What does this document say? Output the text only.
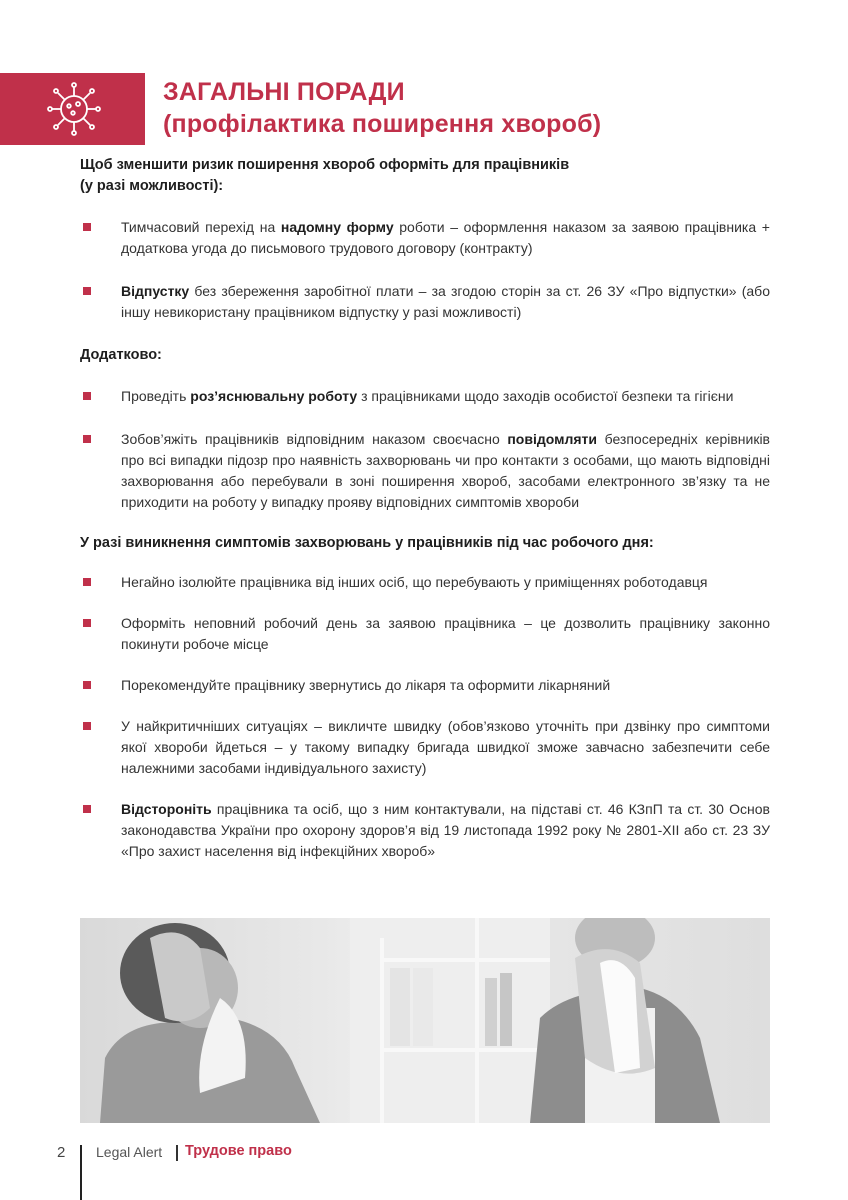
ЗАГАЛЬНІ ПОРАДИ
(профілактика поширення хвороб)

Щоб зменшити ризик поширення хвороб оформіть для працівників
(у разі можливості):

Тимчасовий перехід на надомну форму роботи – оформлення наказом за заявою працівника + додаткова угода до письмового трудового договору (контракту)
Відпустку без збереження заробітної плати – за згодою сторін за ст. 26 ЗУ «Про відпустки» (або іншу невикористану працівником відпустку у разі можливості)

Додатково:

Проведіть роз’яснювальну роботу з працівниками щодо заходів особистої безпеки та гігієни
Зобов’яжіть працівників відповідним наказом своєчасно повідомляти безпосередніх керівників про всі випадки підозр про наявність захворювань чи про контакти з особами, що мають відповідні захворювання або перебували в зоні поширення хвороб, засобами електронного зв’язку та не приходити на роботу у випадку прояву відповідних симптомів хвороби

У разі виникнення симптомів захворювань у працівників під час робочого дня:

Негайно ізолюйте працівника від інших осіб, що перебувають у приміщеннях роботодавця
Оформіть неповний робочий день за заявою працівника – це дозволить працівнику законно покинути робоче місце
Порекомендуйте працівнику звернутись до лікаря та оформити лікарняний
У найкритичніших ситуаціях – викличте швидку (обов’язково уточніть при дзвінку про симптоми якої хвороби йдеться – у такому випадку бригада швидкої зможе завчасно забезпечити себе належними засобами індивідуального захисту)
Відстороніть працівника та осіб, що з ним контактували, на підставі ст. 46 КЗпП та ст. 30 Основ законодавства України про охорону здоров’я від 19 листопада 1992 року № 2801-XII або ст. 23 ЗУ «Про захист населення від інфекційних хвороб»
2 Legal Alert Трудове право
